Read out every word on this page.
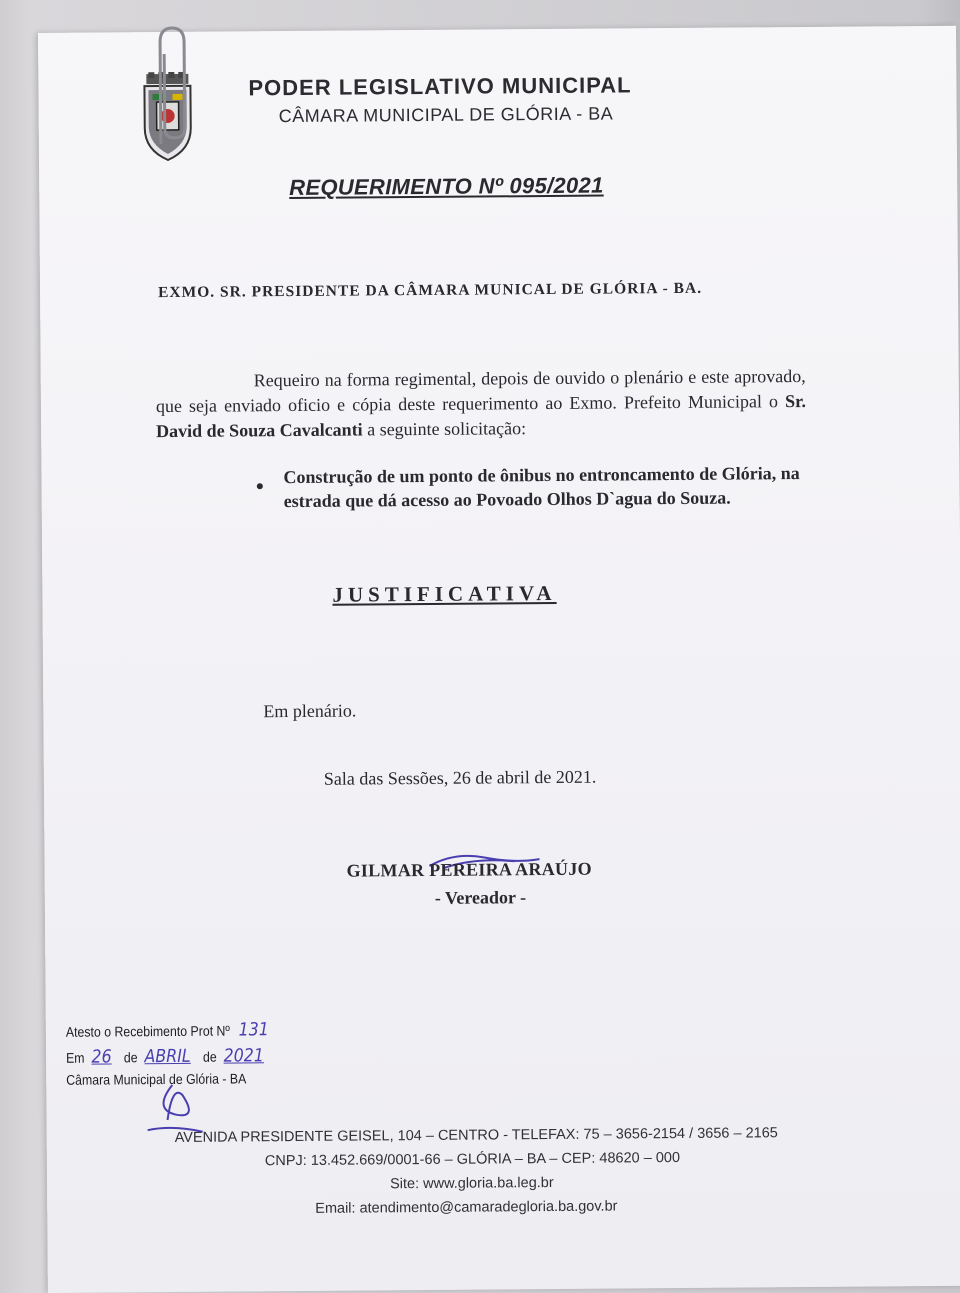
PODER LEGISLATIVO MUNICIPAL
CÂMARA MUNICIPAL DE GLÓRIA - BA
REQUERIMENTO Nº 095/2021
EXMO. SR. PRESIDENTE DA CÂMARA MUNICAL DE GLÓRIA - BA.
Requeiro na forma regimental, depois de ouvido o plenário e este aprovado, que seja enviado oficio e cópia deste requerimento ao Exmo. Prefeito Municipal o Sr. David de Souza Cavalcanti a seguinte solicitação:
● Construção de um ponto de ônibus no entroncamento de Glória, na estrada que dá acesso ao Povoado Olhos D`agua do Souza.
JUSTIFICATIVA
Em plenário.
Sala das Sessões, 26 de abril de 2021.
GILMAR PEREIRA ARAÚJO
- Vereador -
Atesto o Recebimento Prot Nº 131
Em 26 de ABRIL de 2021
Câmara Municipal de Glória - BA
AVENIDA PRESIDENTE GEISEL, 104 – CENTRO - TELEFAX: 75 – 3656-2154 / 3656 – 2165
CNPJ: 13.452.669/0001-66 – GLÓRIA – BA – CEP: 48620 – 000
Site: www.gloria.ba.leg.br
Email: atendimento@camaradegloria.ba.gov.br
